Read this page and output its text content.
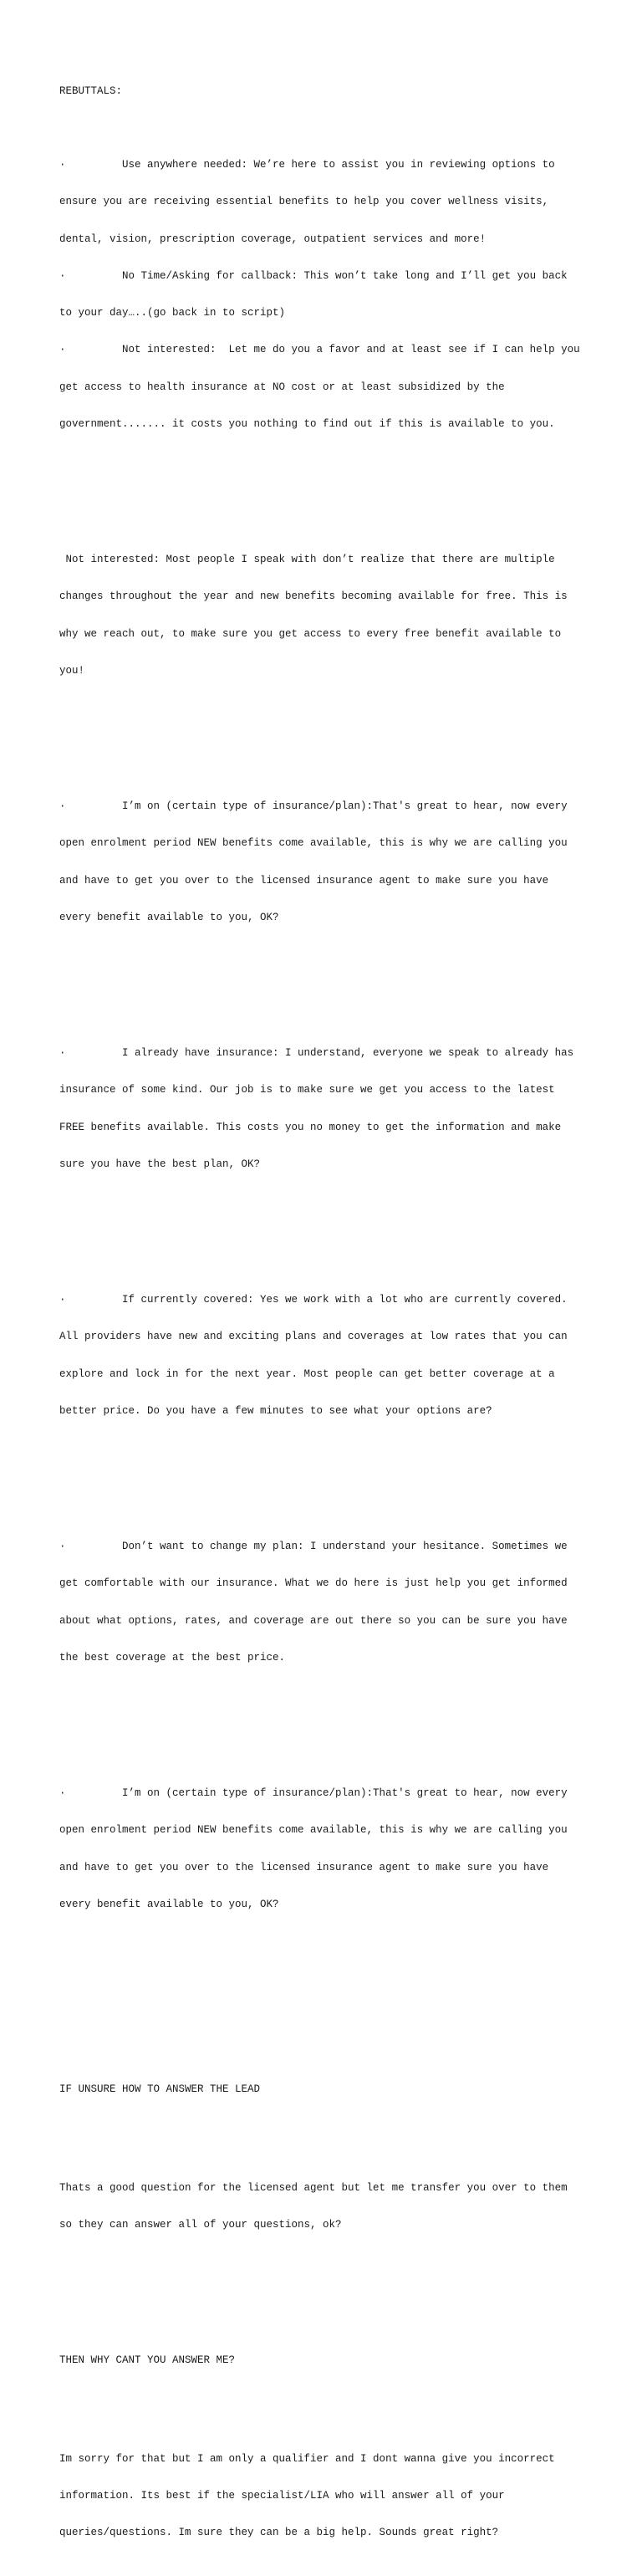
REBUTTALS:

·         Use anywhere needed: We’re here to assist you in reviewing options to

ensure you are receiving essential benefits to help you cover wellness visits,

dental, vision, prescription coverage, outpatient services and more!

·         No Time/Asking for callback: This won’t take long and I’ll get you back

to your day…..(go back in to script)

·         Not interested:  Let me do you a favor and at least see if I can help you

get access to health insurance at NO cost or at least subsidized by the

government....... it costs you nothing to find out if this is available to you.

Not interested: Most people I speak with don’t realize that there are multiple

changes throughout the year and new benefits becoming available for free. This is

why we reach out, to make sure you get access to every free benefit available to

you!

·         I’m on (certain type of insurance/plan):That's great to hear, now every

open enrolment period NEW benefits come available, this is why we are calling you

and have to get you over to the licensed insurance agent to make sure you have

every benefit available to you, OK?

·         I already have insurance: I understand, everyone we speak to already has

insurance of some kind. Our job is to make sure we get you access to the latest

FREE benefits available. This costs you no money to get the information and make

sure you have the best plan, OK?

·         If currently covered: Yes we work with a lot who are currently covered.

All providers have new and exciting plans and coverages at low rates that you can

explore and lock in for the next year. Most people can get better coverage at a

better price. Do you have a few minutes to see what your options are?

·         Don’t want to change my plan: I understand your hesitance. Sometimes we

get comfortable with our insurance. What we do here is just help you get informed

about what options, rates, and coverage are out there so you can be sure you have

the best coverage at the best price.

·         I’m on (certain type of insurance/plan):That's great to hear, now every

open enrolment period NEW benefits come available, this is why we are calling you

and have to get you over to the licensed insurance agent to make sure you have

every benefit available to you, OK?

IF UNSURE HOW TO ANSWER THE LEAD

Thats a good question for the licensed agent but let me transfer you over to them

so they can answer all of your questions, ok?

THEN WHY CANT YOU ANSWER ME?

Im sorry for that but I am only a qualifier and I dont wanna give you incorrect

information. Its best if the specialist/LIA who will answer all of your

queries/questions. Im sure they can be a big help. Sounds great right?
